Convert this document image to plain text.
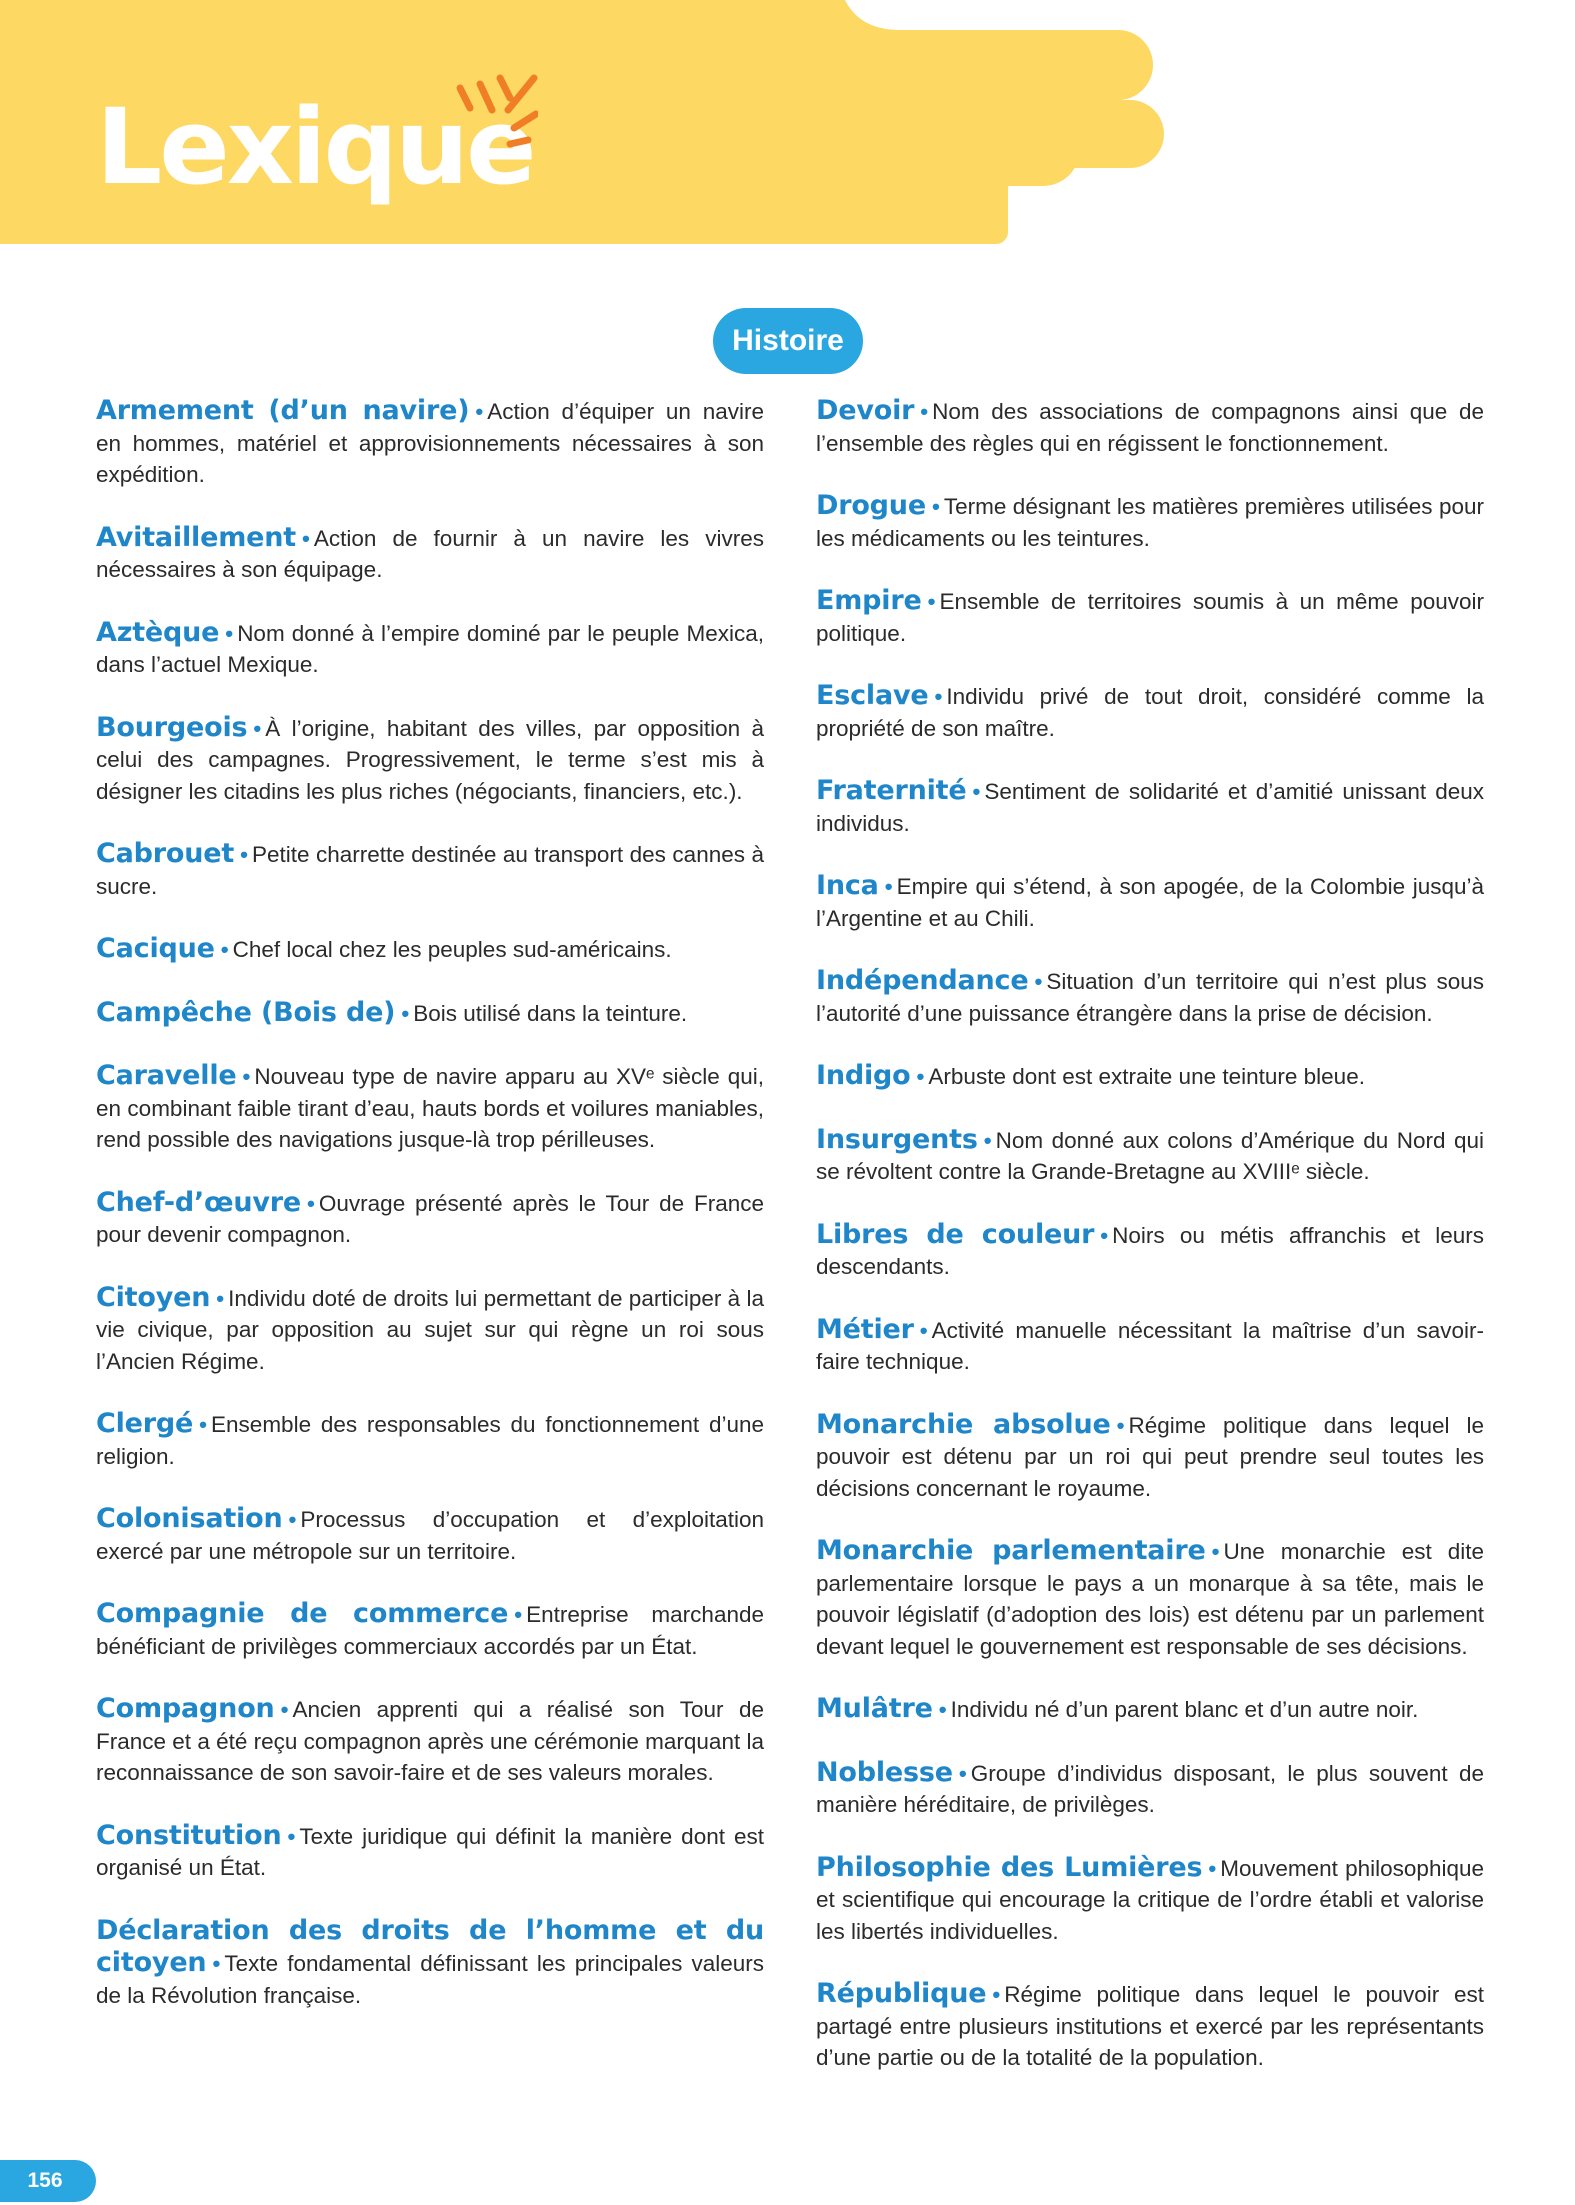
Lexique
Histoire

Armement (d’un navire) • Action d’équiper un navire en hommes, matériel et approvisionnements nécessaires à son expédition.

Avitaillement • Action de fournir à un navire les vivres nécessaires à son équipage.

Aztèque • Nom donné à l’empire dominé par le peuple Mexica, dans l’actuel Mexique.

Bourgeois • À l’origine, habitant des villes, par opposition à celui des campagnes. Progressivement, le terme s’est mis à désigner les citadins les plus riches (négociants, financiers, etc.).

Cabrouet • Petite charrette destinée au transport des cannes à sucre.

Cacique • Chef local chez les peuples sud-américains.

Campêche (Bois de) • Bois utilisé dans la teinture.

Caravelle • Nouveau type de navire apparu au XVᵉ siècle qui, en combinant faible tirant d’eau, hauts bords et voilures maniables, rend possible des navigations jusque-là trop périlleuses.

Chef-d’œuvre • Ouvrage présenté après le Tour de France pour devenir compagnon.

Citoyen • Individu doté de droits lui permettant de participer à la vie civique, par opposition au sujet sur qui règne un roi sous l’Ancien Régime.

Clergé • Ensemble des responsables du fonctionnement d’une religion.

Colonisation • Processus d’occupation et d’exploitation exercé par une métropole sur un territoire.

Compagnie de commerce • Entreprise marchande bénéficiant de privilèges commerciaux accordés par un État.

Compagnon • Ancien apprenti qui a réalisé son Tour de France et a été reçu compagnon après une cérémonie marquant la reconnaissance de son savoir-faire et de ses valeurs morales.

Constitution • Texte juridique qui définit la manière dont est organisé un État.

Déclaration des droits de l’homme et du citoyen • Texte fondamental définissant les principales valeurs de la Révolution française.

Devoir • Nom des associations de compagnons ainsi que de l’ensemble des règles qui en régissent le fonctionnement.

Drogue • Terme désignant les matières premières utilisées pour les médicaments ou les teintures.

Empire • Ensemble de territoires soumis à un même pouvoir politique.

Esclave • Individu privé de tout droit, considéré comme la propriété de son maître.

Fraternité • Sentiment de solidarité et d’amitié unissant deux individus.

Inca • Empire qui s’étend, à son apogée, de la Colombie jusqu’à l’Argentine et au Chili.

Indépendance • Situation d’un territoire qui n’est plus sous l’autorité d’une puissance étrangère dans la prise de décision.

Indigo • Arbuste dont est extraite une teinture bleue.

Insurgents • Nom donné aux colons d’Amérique du Nord qui se révoltent contre la Grande-Bretagne au XVIIIᵉ siècle.

Libres de couleur • Noirs ou métis affranchis et leurs descendants.

Métier • Activité manuelle nécessitant la maîtrise d’un savoir-faire technique.

Monarchie absolue • Régime politique dans lequel le pouvoir est détenu par un roi qui peut prendre seul toutes les décisions concernant le royaume.

Monarchie parlementaire • Une monarchie est dite parlementaire lorsque le pays a un monarque à sa tête, mais le pouvoir législatif (d’adoption des lois) est détenu par un parlement devant lequel le gouvernement est responsable de ses décisions.

Mulâtre • Individu né d’un parent blanc et d’un autre noir.

Noblesse • Groupe d’individus disposant, le plus souvent de manière héréditaire, de privilèges.

Philosophie des Lumières • Mouvement philosophique et scientifique qui encourage la critique de l’ordre établi et valorise les libertés individuelles.

République • Régime politique dans lequel le pouvoir est partagé entre plusieurs institutions et exercé par les représentants d’une partie ou de la totalité de la population.

156
